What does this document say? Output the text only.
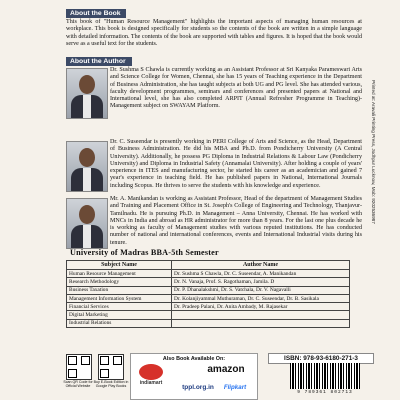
About the Book

This book of "Human Resource Management" highlights the important aspects of managing human resources at workplace. This book is designed specifically for students so the contents of the book are written in a simple language with detailed information. The contents of the book are supported with tables and figures. It is hoped that the book would serve as a useful text for the students.

About the Author

Dr. Sushma S Chawla is currently working as an Assistant Professor at Sri Kanyaka Parameswari Arts and Science College for Women, Chennai, she has 15 years of Teaching experience in the Department of Business Administration, she has taught subjects at both UG and PG level. She has attended various, faculty development programmes, seminars and conferences and presented papers at National and International level, she has also completed ARPIT (Annual Refresher Programme in Teaching)-Management subject on SWAYAM Platform.

Dr. C. Suseendar is presently working in PERI College of Arts and Science, as the Head, Department of Business Administration. He did his MBA and Ph.D. from Pondicherry University (A Central University). Additionally, he possess PG Diploma in Industrial Relations & Labour Law (Pondicherry University) and Diploma in Industrial Safety (Annamalai University). After holding a couple of years' experience in ITES and manufacturing sector, he started his career as an academician and gained 7 year's experience in teaching field. He has published papers in National, International Journals including Scopus. He thrives to serve the students with his knowledge and experience.

Mr. A. Manikandan is working as Assistant Professor, Head of the department of Management Studies and Training and Placement Office in St. Joseph's College of Engineering and Technology, Thanjavur-Tamilnadu. He is pursuing Ph.D. in Management – Anna University, Chennai. He has worked with MNCs in India and abroad as HR administrator for more than 8 years. For the last one plus decade he is working as faculty of Management studies with various reputed institutions. He has conducted number of national and international conferences, events and International Industrial visits during his tenure.

University of Madras BBA-5th Semester
Subject Name	Author Name
Human Resource Management	Dr. Sushma S Chawla, Dr. C. Suseendar, A. Manikandan
Research Methodology	Dr. N. Vanaja, Prof. S. Ragothaman, Jamila. D
Business Taxation	Dr. P. Dhanalakshmi, Dr. S. Vatchala, Dr. V. Nagavalli
Management Information System	Dr. Kolanjiyammal Muthuraman, Dr. C. Suseendar, Dr. B. Sasikala
Financial Services	Dr. Pradeep Palani, Dr. Anita Ambady, M. Rajasekar
Digital Marketing	
Industrial Relations	
Scan QR Code for Official Website
Buy E-Book Edition in Google Play Books
Also Book Available On:
indiamart
amazon
tppl.org.in	Flipkart
ISBN: 978-93-6180-271-3
9 789361 802713
Printed at: Aravali Printing Press, Jodhpur Lucknow, Mob: 9202536987
